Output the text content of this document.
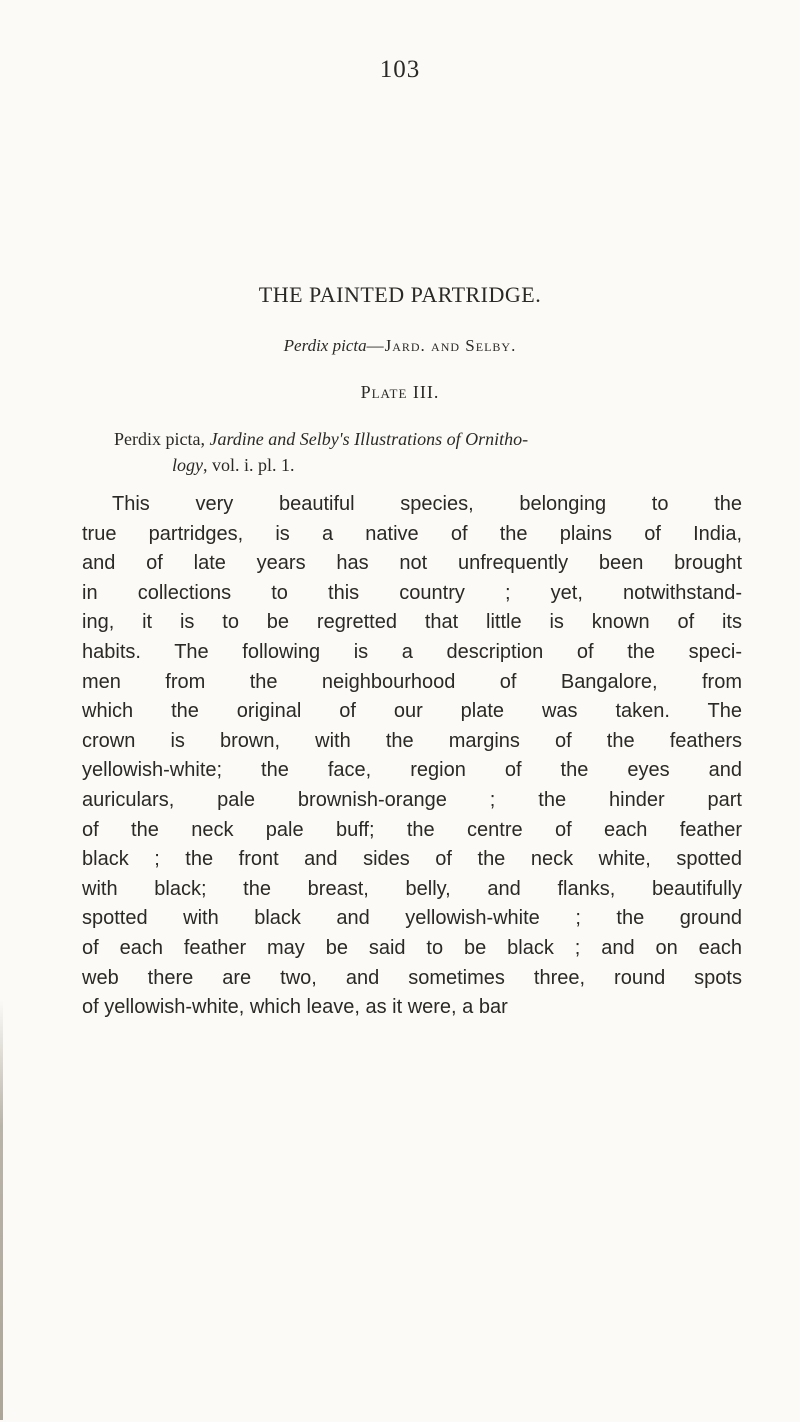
103
THE PAINTED PARTRIDGE.
Perdix picta—Jard. and Selby.
Plate III.
Perdix picta, Jardine and Selby's Illustrations of Ornitho-
logy, vol. i. pl. 1.
This very beautiful species, belonging to the
true partridges, is a native of the plains of India,
and of late years has not unfrequently been brought
in collections to this country ; yet, notwithstand-
ing, it is to be regretted that little is known of its
habits. The following is a description of the speci-
men from the neighbourhood of Bangalore, from
which the original of our plate was taken. The
crown is brown, with the margins of the feathers
yellowish-white; the face, region of the eyes and
auriculars, pale brownish-orange ; the hinder part
of the neck pale buff; the centre of each feather
black ; the front and sides of the neck white, spotted
with black; the breast, belly, and flanks, beautifully
spotted with black and yellowish-white ; the ground
of each feather may be said to be black ; and on each
web there are two, and sometimes three, round spots
of yellowish-white, which leave, as it were, a bar
